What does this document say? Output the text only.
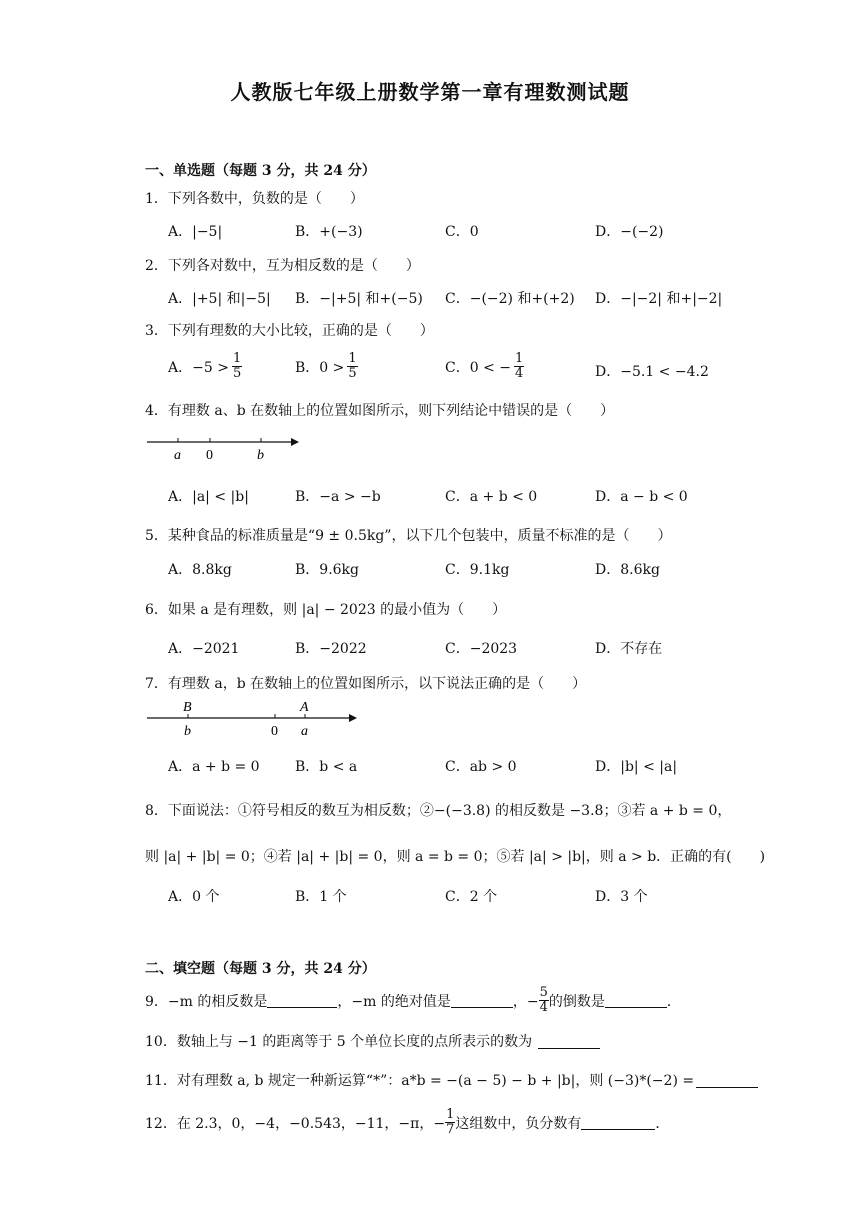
人教版七年级上册数学第一章有理数测试题
一、单选题（每题 3 分，共 24 分）
1．下列各数中，负数的是（　　）
A．|−5|	B．+(−3)	C．0	D．−(−2)
2．下列各对数中，互为相反数的是（　　）
A．|+5| 和|−5| B．−|+5| 和+(−5) C．−(−2) 和+(+2) D．−|−2| 和+|−2|
3．下列有理数的大小比较，正确的是（　　）
A．$-5 > \frac{1}{5}$	B．$0 > \frac{1}{5}$	C．0 < − $\frac{1}{4}$	D．−5.1 < −4.2
4．有理数 a、b 在数轴上的位置如图所示，则下列结论中错误的是（　　）
a 0	b
A．|a| < |b|	B．−a > −b	C．a + b < 0	D．a − b < 0
5．某种食品的标准质量是“9 ± 0.5kg”，以下几个包装中，质量不标准的是（　　）
A．8.8kg	B．9.6kg	C．9.1kg	D．8.6kg
6．如果 a 是有理数，则 |a| − 2023 的最小值为（　　）
A．−2021	B．−2022	C．−2023	D．不存在
7．有理数 a，b 在数轴上的位置如图所示，以下说法正确的是（　　）
B
b	0
A
a
A．a + b = 0	B．b < a	C．ab > 0	D．|b| < |a|
8．下面说法：①符号相反的数互为相反数；②−(−3.8) 的相反数是 −3.8；③若 a + b = 0，
则 |a| + |b| = 0；④若 |a| + |b| = 0，则 a = b = 0；⑤若 |a| > |b|，则 a > b．正确的有(　　)
A．0 个	B．1 个	C．2 个	D．3 个
二、填空题（每题 3 分，共 24 分）
9．−m 的相反数是	，−m 的绝对值是	，− $\frac{5}{4}$ 的倒数是	．
10．数轴上与 −1 的距离等于 5 个单位长度的点所表示的数为
11．对有理数 a, b 规定一种新运算“*”：a*b = −(a − 5) − b + |b|，则 (−3)*(−2) =
12．在 2.3，0，−4，−0.543，−11，−π，− $\frac{1}{7}$ 这组数中，负分数有	．
